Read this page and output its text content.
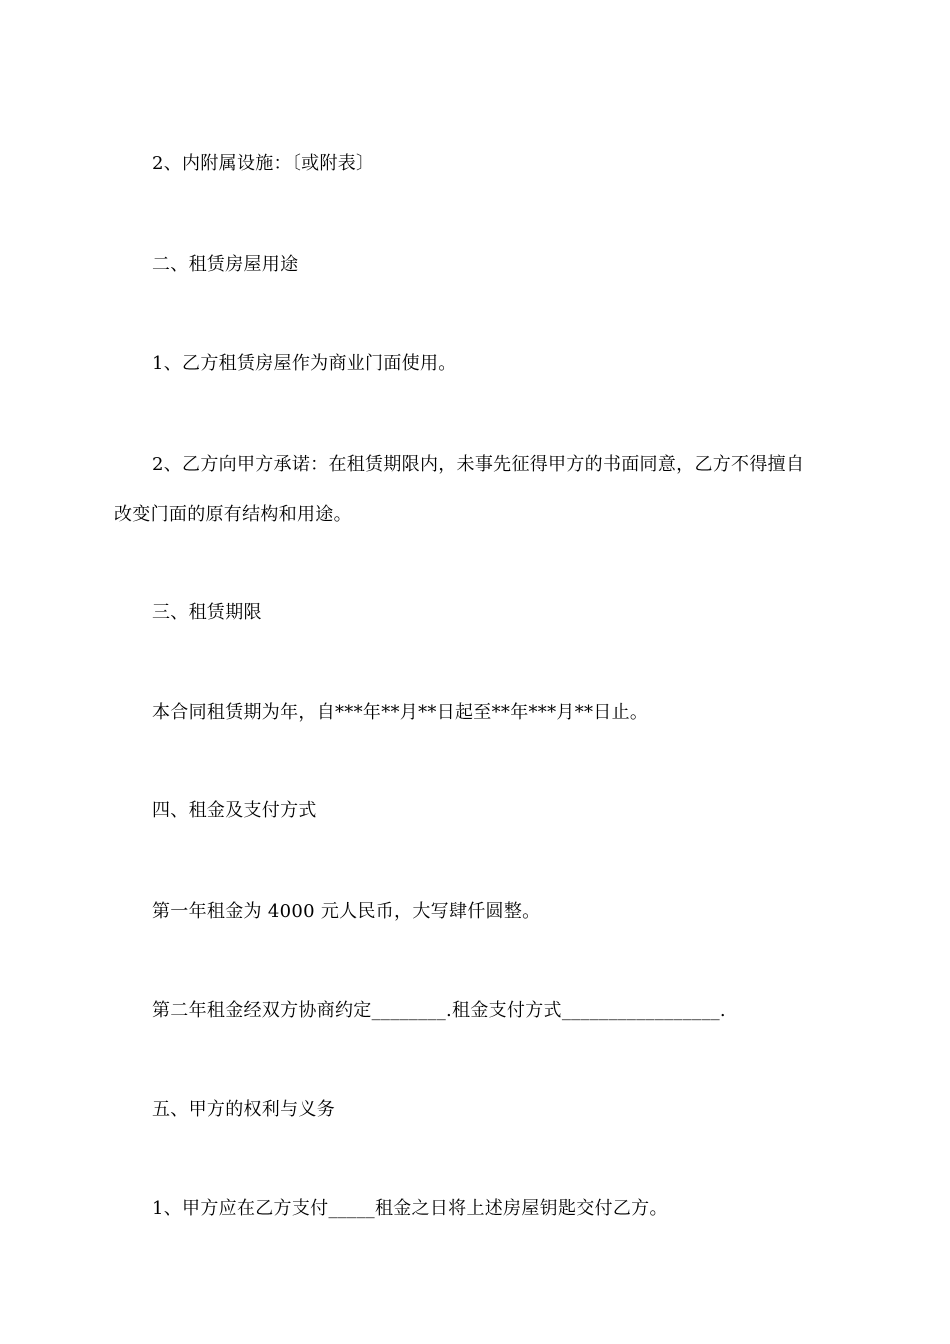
2、内附属设施：〔或附表〕
二、租赁房屋用途
1、乙方租赁房屋作为商业门面使用。
2、乙方向甲方承诺：在租赁期限内，未事先征得甲方的书面同意，乙方不得擅自
改变门面的原有结构和用途。
三、租赁期限
本合同租赁期为年，自***年**月**日起至**年***月**日止。
四、租金及支付方式
第一年租金为 4000 元人民币，大写肆仟圆整。
第二年租金经双方协商约定________.租金支付方式_________________.
五、甲方的权利与义务
1、甲方应在乙方支付_____租金之日将上述房屋钥匙交付乙方。
